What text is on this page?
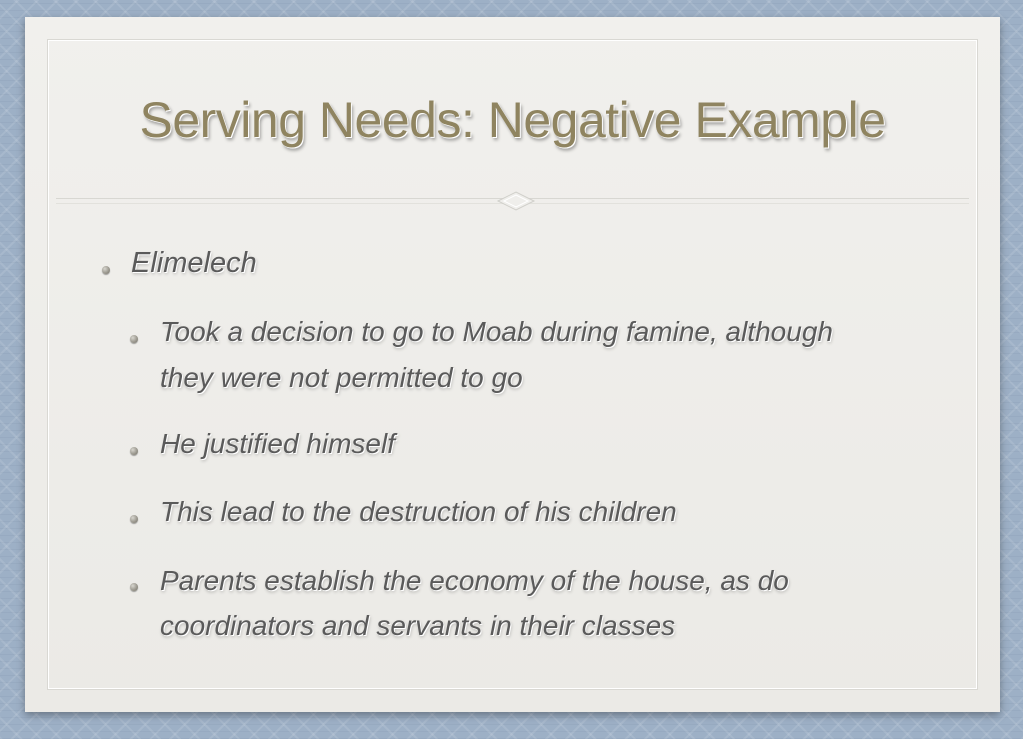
Serving Needs: Negative Example
Elimelech
Took a decision to go to Moab during famine, although
they were not permitted to go
He justified himself
This lead to the destruction of his children
Parents establish the economy of the house, as do
coordinators and servants in their classes
